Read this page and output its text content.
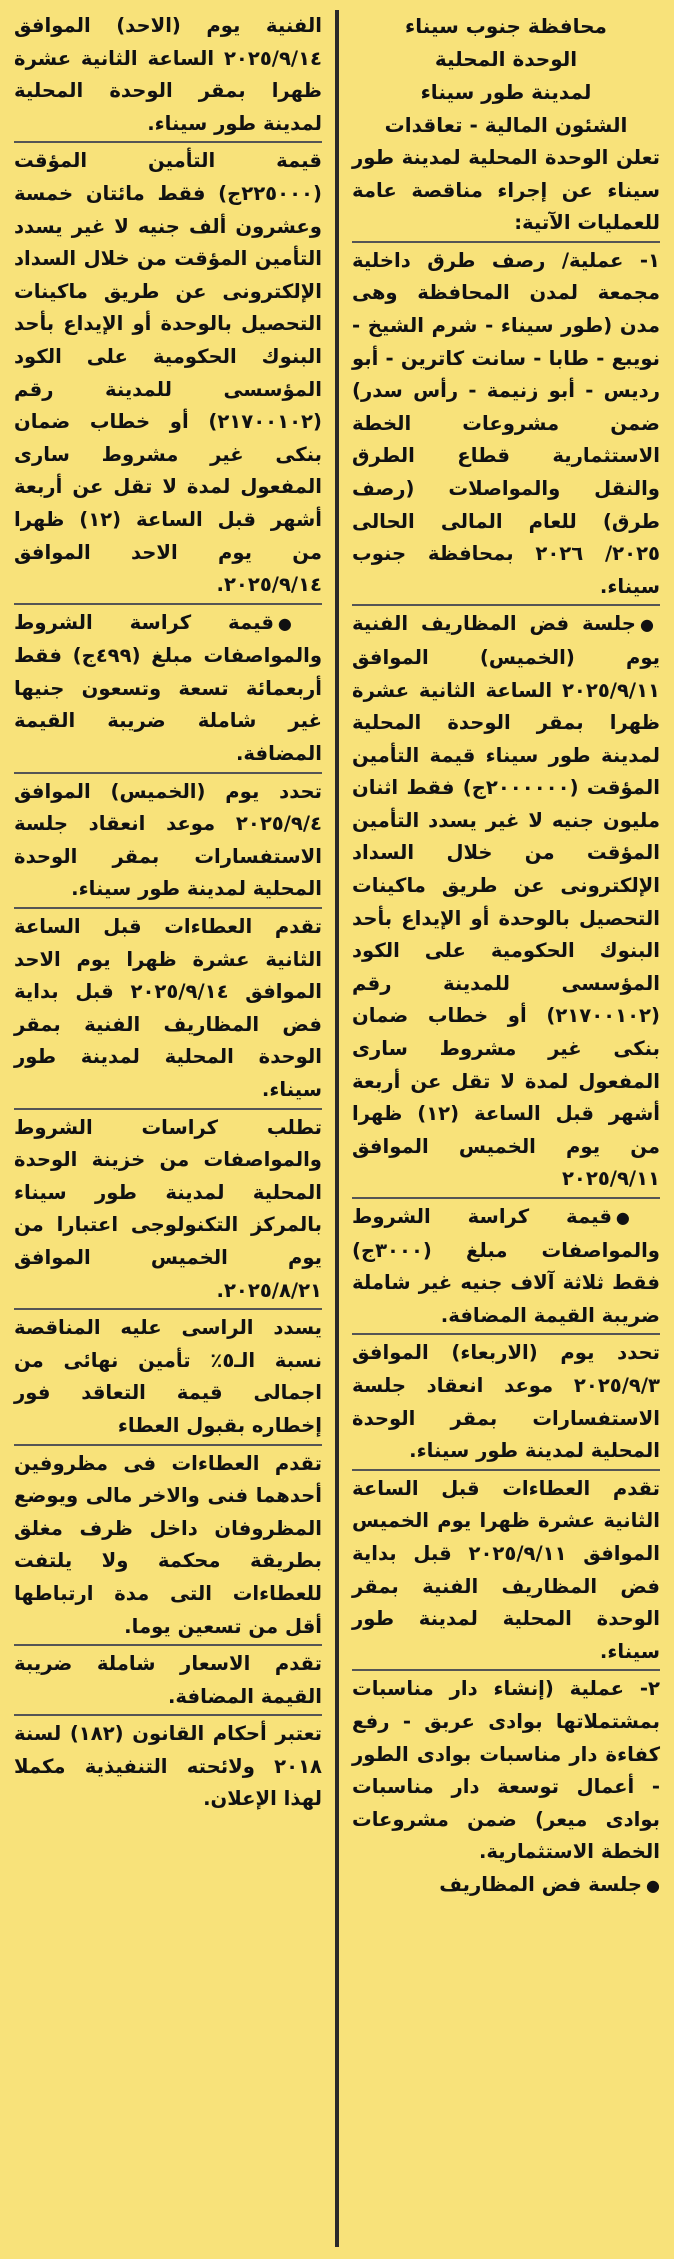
محافظة جنوب سيناء
الوحدة المحلية
لمدينة طور سيناء
الشئون المالية - تعاقدات

تعلن الوحدة المحلية لمدينة طور سيناء عن إجراء مناقصة عامة للعمليات الآتية:

١- عملية/ رصف طرق داخلية مجمعة لمدن المحافظة وهى مدن (طور سيناء - شرم الشيخ - نويبع - طابا - سانت كاترين - أبو رديس - أبو زنيمة - رأس سدر) ضمن مشروعات الخطة الاستثمارية قطاع الطرق والنقل والمواصلات (رصف طرق) للعام المالى الحالى ٢٠٢٥/ ٢٠٢٦ بمحافظة جنوب سيناء.

●جلسة فض المظاريف الفنية يوم (الخميس) الموافق ٢٠٢٥/٩/١١ الساعة الثانية عشرة ظهرا بمقر الوحدة المحلية لمدينة طور سيناء قيمة التأمين المؤقت (٢٠٠٠٠٠٠ج) فقط اثنان مليون جنيه لا غير يسدد التأمين المؤقت من خلال السداد الإلكترونى عن طريق ماكينات التحصيل بالوحدة أو الإيداع بأحد البنوك الحكومية على الكود المؤسسى للمدينة رقم (٢١٧٠٠١٠٢) أو خطاب ضمان بنكى غير مشروط سارى المفعول لمدة لا تقل عن أربعة أشهر قبل الساعة (١٢) ظهرا من يوم الخميس الموافق ٢٠٢٥/٩/١١

●قيمة كراسة الشروط والمواصفات مبلغ (٣٠٠٠ج) فقط ثلاثة آلاف جنيه غير شاملة ضريبة القيمة المضافة.

تحدد يوم (الاربعاء) الموافق ٢٠٢٥/٩/٣ موعد انعقاد جلسة الاستفسارات بمقر الوحدة المحلية لمدينة طور سيناء.

تقدم العطاءات قبل الساعة الثانية عشرة ظهرا يوم الخميس الموافق ٢٠٢٥/٩/١١ قبل بداية فض المظاريف الفنية بمقر الوحدة المحلية لمدينة طور سيناء.

٢- عملية (إنشاء دار مناسبات بمشتملاتها بوادى عربق - رفع كفاءة دار مناسبات بوادى الطور - أعمال توسعة دار مناسبات بوادى ميعر) ضمن مشروعات الخطة الاستثمارية.

●جلسة فض المظاريف

الفنية يوم (الاحد) الموافق ٢٠٢٥/٩/١٤ الساعة الثانية عشرة ظهرا بمقر الوحدة المحلية لمدينة طور سيناء.

قيمة التأمين المؤقت (٢٢٥٠٠٠ج) فقط مائتان خمسة وعشرون ألف جنيه لا غير يسدد التأمين المؤقت من خلال السداد الإلكترونى عن طريق ماكينات التحصيل بالوحدة أو الإيداع بأحد البنوك الحكومية على الكود المؤسسى للمدينة رقم (٢١٧٠٠١٠٢) أو خطاب ضمان بنكى غير مشروط سارى المفعول لمدة لا تقل عن أربعة أشهر قبل الساعة (١٢) ظهرا من يوم الاحد الموافق ٢٠٢٥/٩/١٤.

●قيمة كراسة الشروط والمواصفات مبلغ (٤٩٩ج) فقط أربعمائة تسعة وتسعون جنيها غير شاملة ضريبة القيمة المضافة.

تحدد يوم (الخميس) الموافق ٢٠٢٥/٩/٤ موعد انعقاد جلسة الاستفسارات بمقر الوحدة المحلية لمدينة طور سيناء.

تقدم العطاءات قبل الساعة الثانية عشرة ظهرا يوم الاحد الموافق ٢٠٢٥/٩/١٤ قبل بداية فض المظاريف الفنية بمقر الوحدة المحلية لمدينة طور سيناء.

تطلب كراسات الشروط والمواصفات من خزينة الوحدة المحلية لمدينة طور سيناء بالمركز التكنولوجى اعتبارا من يوم الخميس الموافق ٢٠٢٥/٨/٢١.

يسدد الراسى عليه المناقصة نسبة الـ٥٪ تأمين نهائى من اجمالى قيمة التعاقد فور إخطاره بقبول العطاء

تقدم العطاءات فى مظروفين أحدهما فنى والاخر مالى ويوضع المظروفان داخل ظرف مغلق بطريقة محكمة ولا يلتفت للعطاءات التى مدة ارتباطها أقل من تسعين يوما.

تقدم الاسعار شاملة ضريبة القيمة المضافة.

تعتبر أحكام القانون (١٨٢) لسنة ٢٠١٨ ولائحته التنفيذية مكملا لهذا الإعلان.
